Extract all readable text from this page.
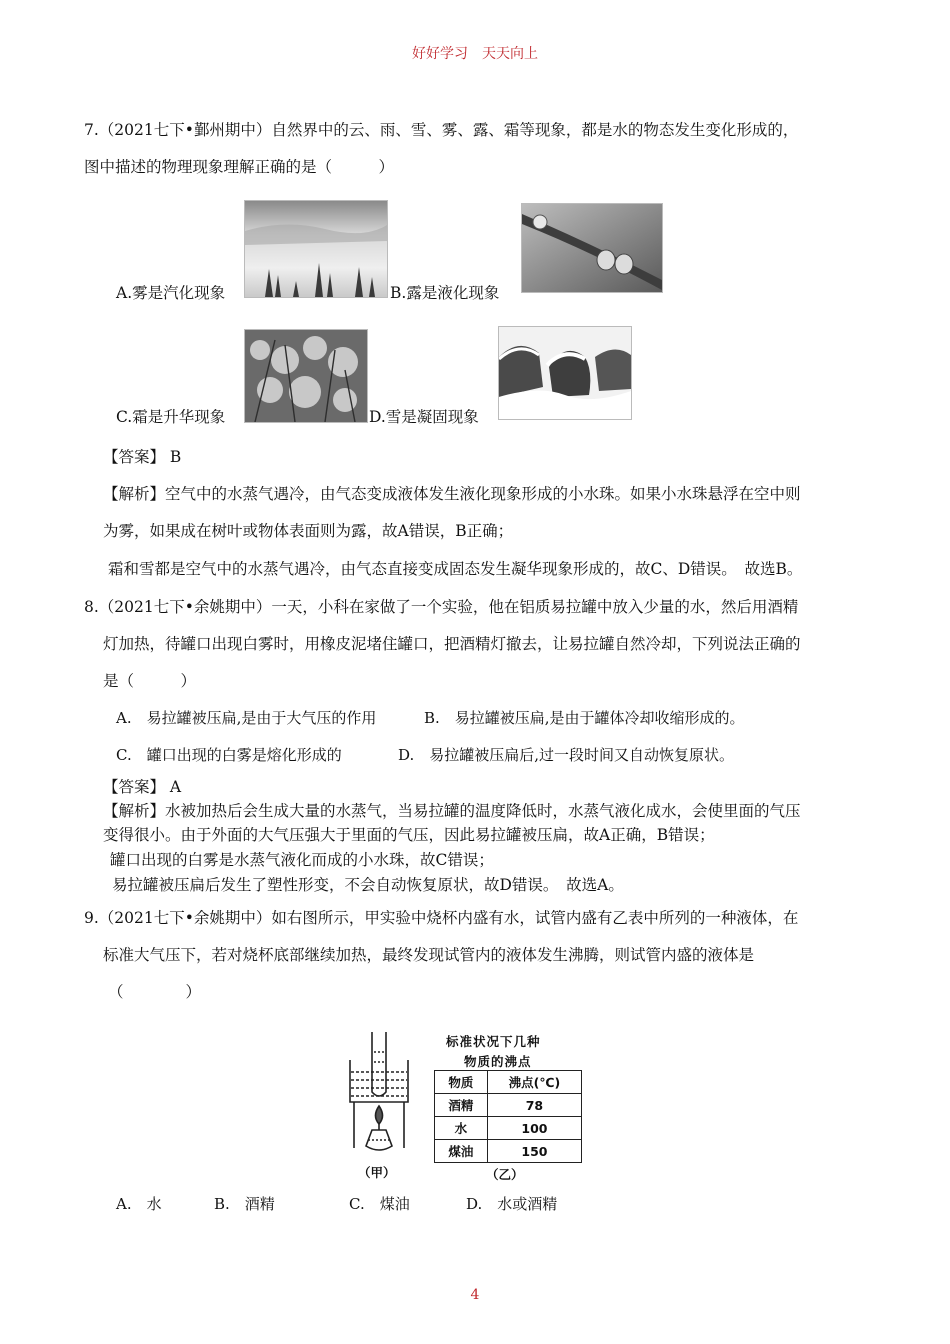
好好学习　天天向上
7.（2021七下•鄞州期中）自然界中的云、雨、雪、雾、露、霜等现象，都是水的物态发生变化形成的，
图中描述的物理现象理解正确的是（　　　）
A.雾是汽化现象	B.露是液化现象
C.霜是升华现象	D.雪是凝固现象
【答案】 B
【解析】空气中的水蒸气遇冷，由气态变成液体发生液化现象形成的小水珠。如果小水珠悬浮在空中则
为雾，如果成在树叶或物体表面则为露，故A错误，B正确；
霜和雪都是空气中的水蒸气遇冷，由气态直接变成固态发生凝华现象形成的，故C、D错误。　故选B。
8.（2021七下•余姚期中）一天，小科在家做了一个实验，他在铝质易拉罐中放入少量的水，然后用酒精
灯加热，待罐口出现白雾时，用橡皮泥堵住罐口，把酒精灯撤去，让易拉罐自然冷却，下列说法正确的
是（　　　）
A.　易拉罐被压扁,是由于大气压的作用	B.　易拉罐被压扁,是由于罐体冷却收缩形成的。
C.　罐口出现的白雾是熔化形成的	D.　易拉罐被压扁后,过一段时间又自动恢复原状。
【答案】 A
【解析】水被加热后会生成大量的水蒸气，当易拉罐的温度降低时，水蒸气液化成水，会使里面的气压
变得很小。由于外面的大气压强大于里面的气压，因此易拉罐被压扁，故A正确，B错误；
罐口出现的白雾是水蒸气液化而成的小水珠，故C错误；
易拉罐被压扁后发生了塑性形变，不会自动恢复原状，故D错误。　故选A。
9.（2021七下•余姚期中）如右图所示，甲实验中烧杯内盛有水，试管内盛有乙表中所列的一种液体，在
标准大气压下，若对烧杯底部继续加热，最终发现试管内的液体发生沸腾，则试管内盛的液体是
（　　　　）
（甲）
标准状况下几种
物质的沸点
物质	沸点(℃)
酒精	78
水	100
煤油	150
（乙）
A.　水	B.　酒精	C.　煤油	D.　水或酒精
4
